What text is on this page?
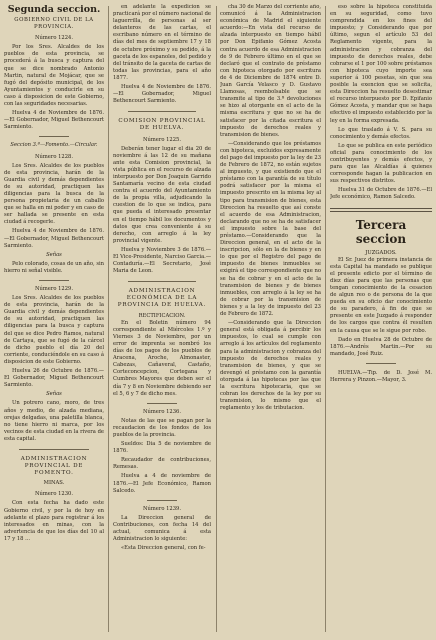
Segunda seccion.
GOBIERNO CIVIL DE LA PROVINCIA.
Número 1224.
Por los Sres. Alcaldes de los pueblos de esta provincia, se procederá á la busca y captura del que se dice nombrado Antonio Martin, natural de Mojácar, que se fugó del depósito municipal, de los Ayuntamientos y conducirle en su caso á disposicion de este Gobierno, con las seguridades necesarias.
Huelva 4 de Noviembre de 1876.—El Gobernador, Miguel Bethencourt Sarmiento.
Seccion 3.ª—Fomento.—Circular.
Número 1228.
Los Sres. Alcaldes de los pueblos de esta provincia, harán de la Guardia civil y demás dependientes de su autoridad, practiquen las diligencias para la busca de la persona propietaria de un caballo que se halla en mi poder y en caso de ser hallada se presente en esta ciudad á recogerle.
Huelva 4 de Noviembre de 1876.—El Gobernador, Miguel Bethencourt Sarmiento.
Señas
Pelo colorado, cosas de un año, sin hierro ni señal visible.
Número 1229.
Los Sres. Alcaldes de los pueblos de esta provincia, harán de la Guardia civil y demás dependientes de su autoridad, practiquen las diligencias para la busca y captura del que se dice Pedro Ramos, natural de Cartaya, que se fugó de la cárcel de dicho pueblo el día 20 del corriente, conduciéndole en su caso á disposicion de este Gobierno.
Huelva 26 de Octubre de 1876.—El Gobernador, Miguel Bethencourt Sarmiento.
Señas
Un potrero cano, moro, de tres años y medio, de alzada mediana, orejas delgadas, una paletilla blanca, no tiene hierro ni marca, por los vecinos de esta ciudad en la rivera de esta capital.
ADMINISTRACION PROVINCIAL DE FOMENTO.
MINAS.
Número 1230.
Con esta fecha ha dado este Gobierno civil, y por la de hoy en adelante el plazo para registrar á los interesados en minas, con la advertencia de que los días del 10 al 17 y 18 ...
en adelante la expedicion se practicará por el número nacional de laguerrilla, de personas al ser delanteros de las cartas, el escribano número en el término de días del mes de septiembre 17 y 18 de octubre próximo y su pedido, á la gaceta de los espanoles, del pedido y del tránsito de la gaceta de cartas de todas las provincias, para el año 1877.
Huelva 4 de Noviembre de 1876.—El Gobernador, Miguel Bethencourt Sarmiento.
COMISION PROVINCIAL DE HUELVA.
Número 1225.
Deberán tener lugar el dia 20 de noviembre á las 12 de su mañana ante esta Comision provincial, la vista pública en el recurso de alzada interpuesto por Don Joaquin Garrido Santamaría vecino de esta ciudad contra el acuerdo del Ayuntamiento de la propia villa, adjudicando la cuestion de lo que se indica, para que pueda el interesado presentar en el tiempo hábil los documentos y datos que crea conveniente á su derecho, con arreglo á la ley provincial vigente.
Huelva y Noviembre 3 de 1876.—El Vice-Presidente, Narciso Garcia.—Contaduría.—El Secretario, José Maria de Leon.
ADMINISTRACION ECONÓMICA DE LA PROVINCIA DE HUELVA.
RECTIFICACION.
En el Boletin número 94 correspondiente al Miércoles 1.º y Viernes 3 de Noviembre, por un error de imprenta se nombró los días de los pagos de los pueblos de Aracena, Aroche, Almonaster, Cabezas, Cañaveral, Castaño, Corteconcepcion, Cortegana y Cumbres Mayores que deben ser el día 7 y 8 en Noviembre debiendo ser el 5, 6 y 7 de dicho mes.
Número 1236.
Notas de las que se pagan por la recaudacion de los fondos de los pueblos de la provincia.
Sueldos: Dia 5 de noviembre de 1876.
Recaudador de contribuciones, Remesas.
Huelva a 4 de noviembre de 1876.—El Jefe Económico, Ramon Salcedo.
Número 1239.
La Direccion general de Contribuciones, con fecha 14 del actual, comunica á esta Administracion lo siguiente:
«Esta Direccion general, con fe-
cha 30 de Marzo del corriente año, comunicó á la Administracion económica de Madrid el siguiente acuerdo:—En vista del recurso de alzada interpuesto en tiempo hábil por Don Epifanio Gómez Acosta contra acuerdo de esa Administracion de 9 de Febrero último en el que se declaró que el contrato de préstamo con hipoteca otorgado por escritura de 4 de Diciembre de 1874 entre D. Juan García Velasco y D. Gustavo Llamosas, reembolsable que se transmite al tipo de 3.ª devoluciones se hizo al otorgante en el acto de la misma escritura y que no se ha de satisfacer por la citada escritura el impuesto de derechos reales y transmision de bienes.
—Considerando que los préstamos con hipoteca, excluidos expresamente del pago del impuesto por la ley de 23 de Febrero de 1872, no están sujetos al impuesto, y que existiendo que el préstamo con la garantía de su título podrá satisfacer por la misma el impuesto prescrito en la misma ley al tipo para transmision de bienes, esta Direccion ha resuelto que así conste el acuerdo de esa Administracion, declarando que no se ha de satisfacer el impuesto sobre la base del préstamo.—Considerando que la Direccion general, en el acto de la inscripcion, sólo en la de bienes y en lo que por el Registro del pago de impuesto de bienes inmuebles se exigirá el tipo correspondiente que no se ha de cobrar y en el acto de la transmision de bienes y de bienes inmuebles, con arreglo á la ley se ha de cobrar por la transmision de bienes y a la ley de impuesto del 23 de Febrero de 1872.
—Considerando que la Direccion general está obligada á percibir los impuestos, lo cual se cumple con arreglo á los artículos del reglamento para la administracion y cobranza del impuesto de derechos reales y transmision de bienes, y que se devengó el préstamo con la garantía otorgada á las hipotecas por las que la escritura hipotecaria, que se cobran los derechos de la ley por su transmision, lo mismo que el reglamento y los de tributacion.
eso sobre la hipoteca constituida en su seguridad, como tuvo comprendida en los fines del impuesto; y Considerando que por último, segun el artículo 53 del Reglamento vigente, para la administracion y cobranza del impuesto de derechos reales, debe cobrarse el 1 por 100 sobre préstamos con hipoteca cuyo importe sea superior á 100 pesetas, sin que sea posible la exencion que se solicita, esta Direccion ha resuelto desestimar el recurso interpuesto por D. Epifanio Gómez Acosta, y mandar que se haga efectivo el impuesto establecido por la ley en la forma expresada.
Lo que traslado á V. S. para su conocimiento y demás efectos.
Lo que se publica en este periódico oficial para conocimiento de los contribuyentes y demás efectos, y para que las Alcaldías á quienes corresponde hagan la publicacion en sus respectivos distritos.
Huelva 31 de Octubre de 1876.—El Jefe económico, Ramon Salcedo.
Tercera seccion
JUZGADOS.
El Sr. Juez de primera instancia de esta Capital ha mandado se publique el presente edicto por el término de diez días para que las personas que tengan conocimiento de la cesacion de algun reo o de persona de la que pueda en su oficio dar conocimiento de su paradero, á fin de que se presente en este Juzgado á responder de los cargos que contra él resulten en la causa que se le sigue por robo.
Dado en Huelva 28 de Octubre de 1876.—Andrés Martin.—Por su mandado, José Ruiz.
HUELVA.—Tip. de D. José M. Herrera y Pinzon.—Mayor, 3.
